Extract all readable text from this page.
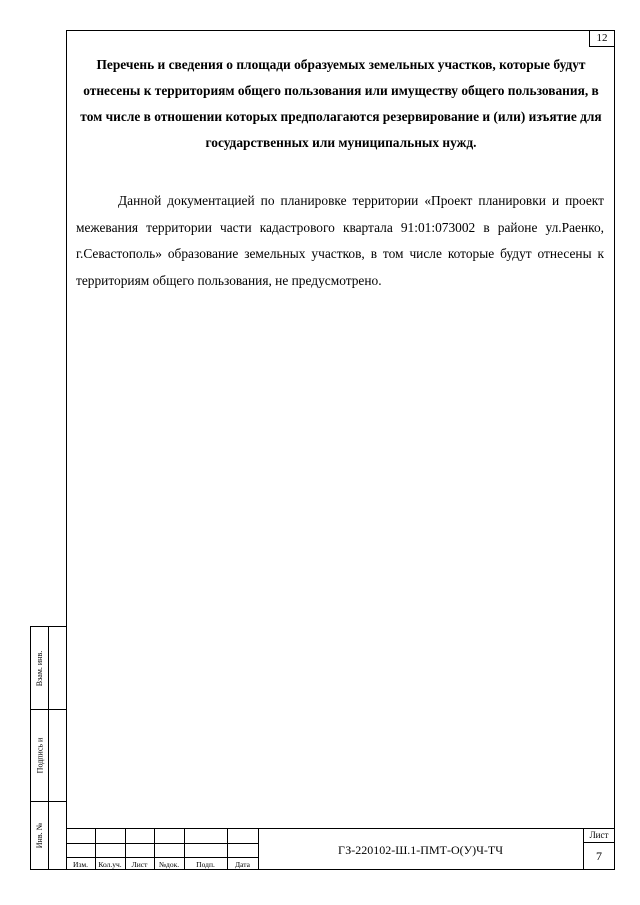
12
Перечень и сведения о площади образуемых земельных участков, которые будут отнесены к территориям общего пользования или имуществу общего пользования, в том числе в отношении которых предполагаются резервирование и (или) изъятие для государственных или муниципальных нужд.

Данной документацией по планировке территории «Проект планировки и проект межевания территории части кадастрового квартала 91:01:073002 в районе ул.Раенко, г.Севастополь» образование земельных участков, в том числе которые будут отнесены к территориям общего пользования, не предусмотрено.

Взам. инв.
Подпись и
Инв. №
Изм.	Кол.уч.	Лист	№док.	Подп.	Дата
ГЗ-220102-Ш.1-ПМТ-О(У)Ч-ТЧ
Лист
7
